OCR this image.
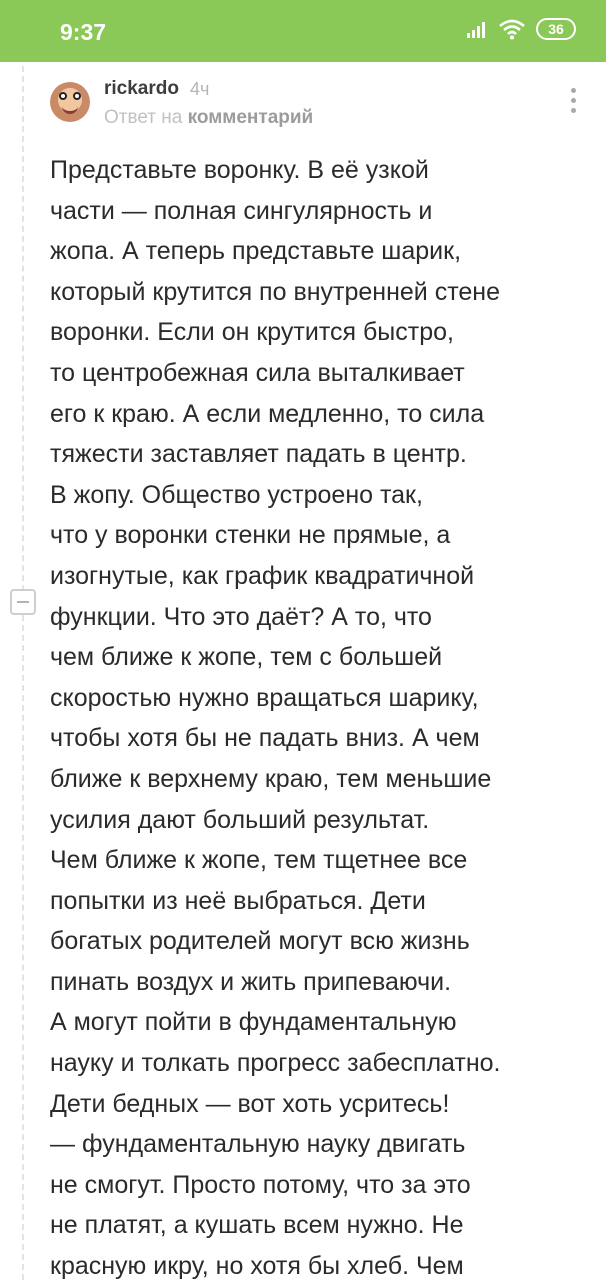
9:37	36
rickardo 4ч
Ответ на комментарий
Представьте воронку. В её узкой
части — полная сингулярность и
жопа. А теперь представьте шарик,
который крутится по внутренней стене
воронки. Если он крутится быстро,
то центробежная сила выталкивает
его к краю. А если медленно, то сила
тяжести заставляет падать в центр.
В жопу. Общество устроено так,
что у воронки стенки не прямые, а
изогнутые, как график квадратичной
функции. Что это даёт? А то, что
чем ближе к жопе, тем с большей
скоростью нужно вращаться шарику,
чтобы хотя бы не падать вниз. А чем
ближе к верхнему краю, тем меньшие
усилия дают больший результат.
Чем ближе к жопе, тем тщетнее все
попытки из неё выбраться. Дети
богатых родителей могут всю жизнь
пинать воздух и жить припеваючи.
А могут пойти в фундаментальную
науку и толкать прогресс забесплатно.
Дети бедных — вот хоть усритесь!
— фундаментальную науку двигать
не смогут. Просто потому, что за это
не платят, а кушать всем нужно. Не
красную икру, но хотя бы хлеб. Чем
